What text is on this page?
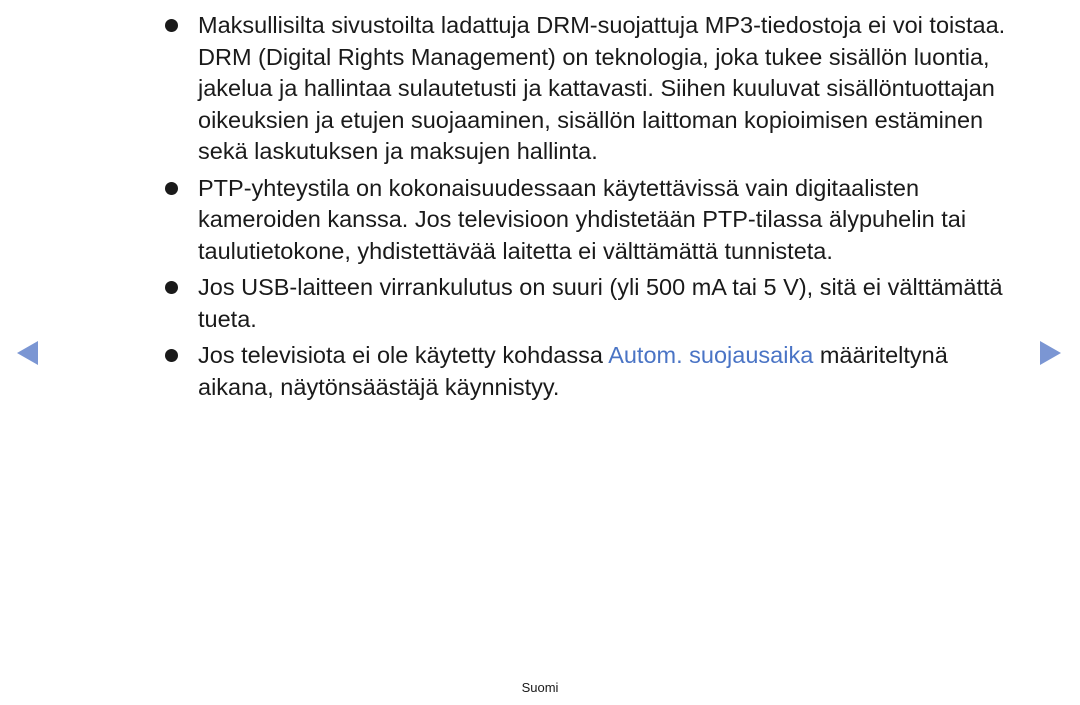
Maksullisilta sivustoilta ladattuja DRM-suojattuja MP3-tiedostoja ei voi toistaa. DRM (Digital Rights Management) on teknologia, joka tukee sisällön luontia, jakelua ja hallintaa sulautetusti ja kattavasti. Siihen kuuluvat sisällöntuottajan oikeuksien ja etujen suojaaminen, sisällön laittoman kopioimisen estäminen sekä laskutuksen ja maksujen hallinta.
PTP-yhteystila on kokonaisuudessaan käytettävissä vain digitaalisten kameroiden kanssa. Jos televisioon yhdistetään PTP-tilassa älypuhelin tai taulutietokone, yhdistettävää laitetta ei välttämättä tunnisteta.
Jos USB-laitteen virrankulutus on suuri (yli 500 mA tai 5 V), sitä ei välttämättä tueta.
Jos televisiota ei ole käytetty kohdassa Autom. suojausaika määriteltynä aikana, näytönsäästäjä käynnistyy.
Suomi
